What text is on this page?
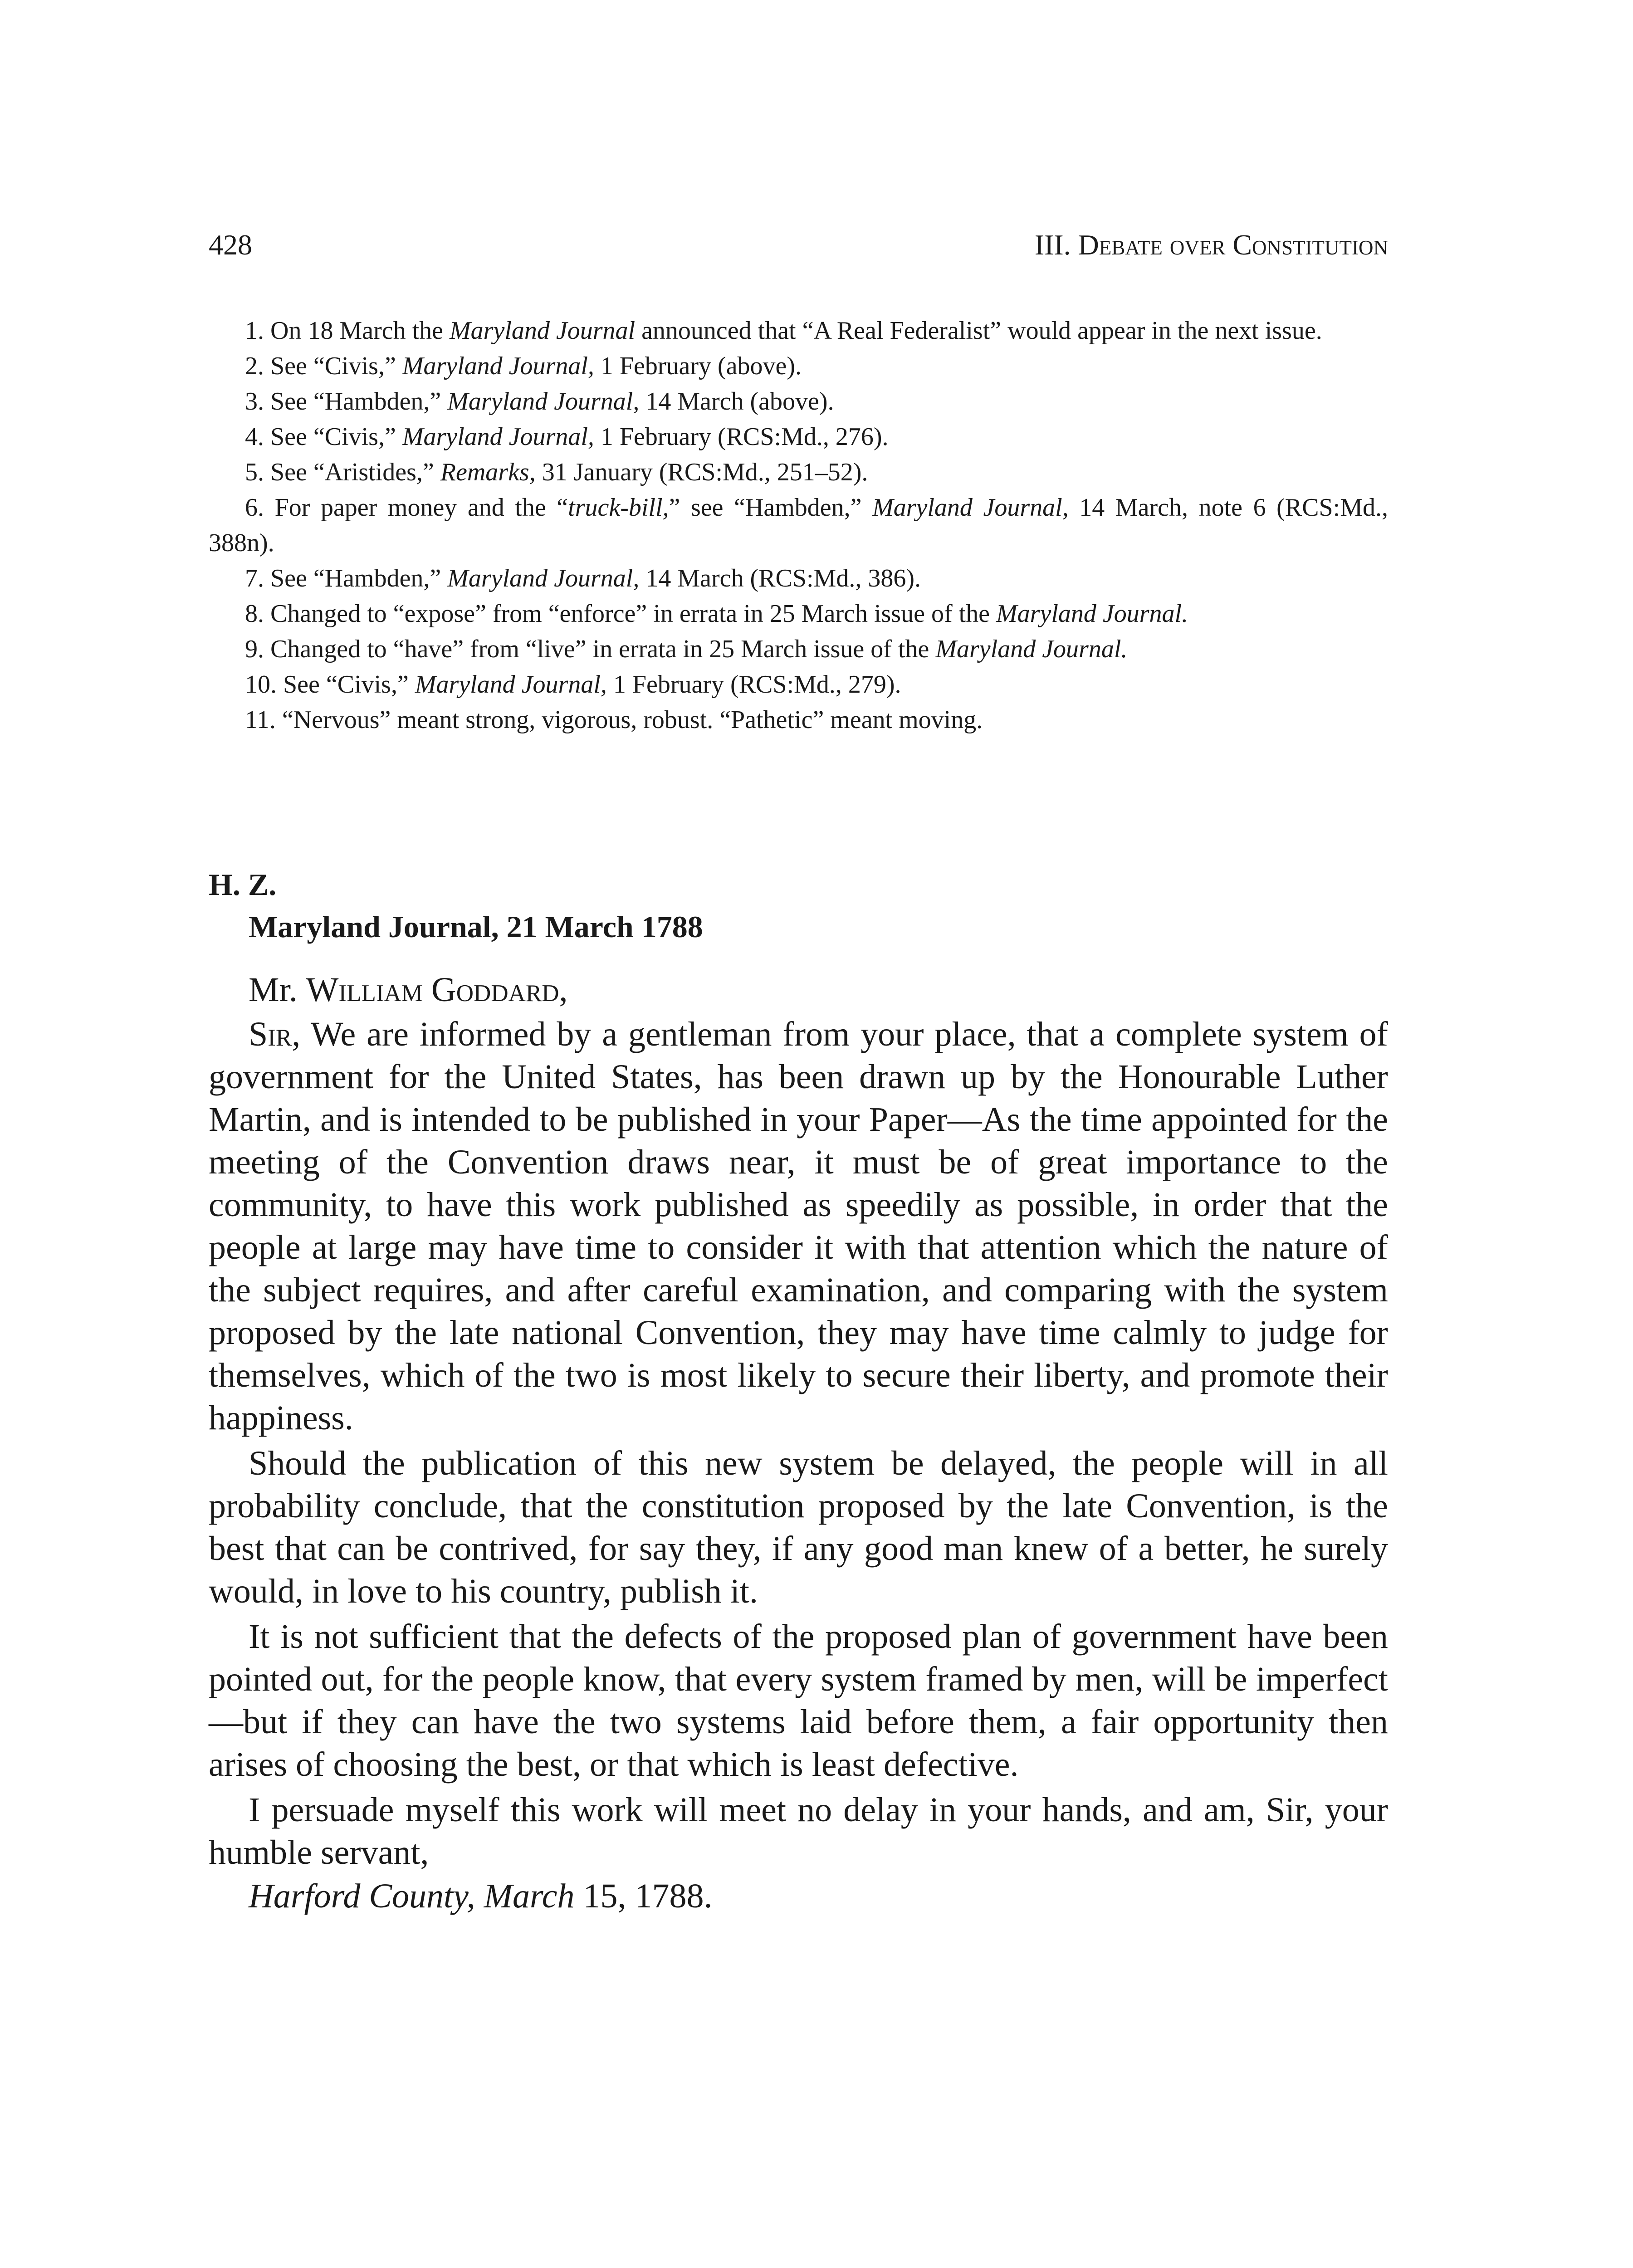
428	III. Debate over Constitution
1. On 18 March the Maryland Journal announced that “A Real Federalist” would appear in the next issue.
2. See “Civis,” Maryland Journal, 1 February (above).
3. See “Hambden,” Maryland Journal, 14 March (above).
4. See “Civis,” Maryland Journal, 1 February (RCS:Md., 276).
5. See “Aristides,” Remarks, 31 January (RCS:Md., 251–52).
6. For paper money and the “truck-bill,” see “Hambden,” Maryland Journal, 14 March, note 6 (RCS:Md., 388n).
7. See “Hambden,” Maryland Journal, 14 March (RCS:Md., 386).
8. Changed to “expose” from “enforce” in errata in 25 March issue of the Maryland Journal.
9. Changed to “have” from “live” in errata in 25 March issue of the Maryland Journal.
10. See “Civis,” Maryland Journal, 1 February (RCS:Md., 279).
11. “Nervous” meant strong, vigorous, robust. “Pathetic” meant moving.
H. Z.
Maryland Journal, 21 March 1788

Mr. William Goddard,

Sir, We are informed by a gentleman from your place, that a complete system of government for the United States, has been drawn up by the Honourable Luther Martin, and is intended to be published in your Paper—As the time appointed for the meeting of the Convention draws near, it must be of great importance to the community, to have this work published as speedily as possible, in order that the people at large may have time to consider it with that attention which the nature of the subject requires, and after careful examination, and comparing with the system proposed by the late national Convention, they may have time calmly to judge for themselves, which of the two is most likely to secure their liberty, and promote their happiness.

Should the publication of this new system be delayed, the people will in all probability conclude, that the constitution proposed by the late Convention, is the best that can be contrived, for say they, if any good man knew of a better, he surely would, in love to his country, publish it.

It is not sufficient that the defects of the proposed plan of government have been pointed out, for the people know, that every system framed by men, will be imperfect—but if they can have the two systems laid before them, a fair opportunity then arises of choosing the best, or that which is least defective.

I persuade myself this work will meet no delay in your hands, and am, Sir, your humble servant,

Harford County, March 15, 1788.
